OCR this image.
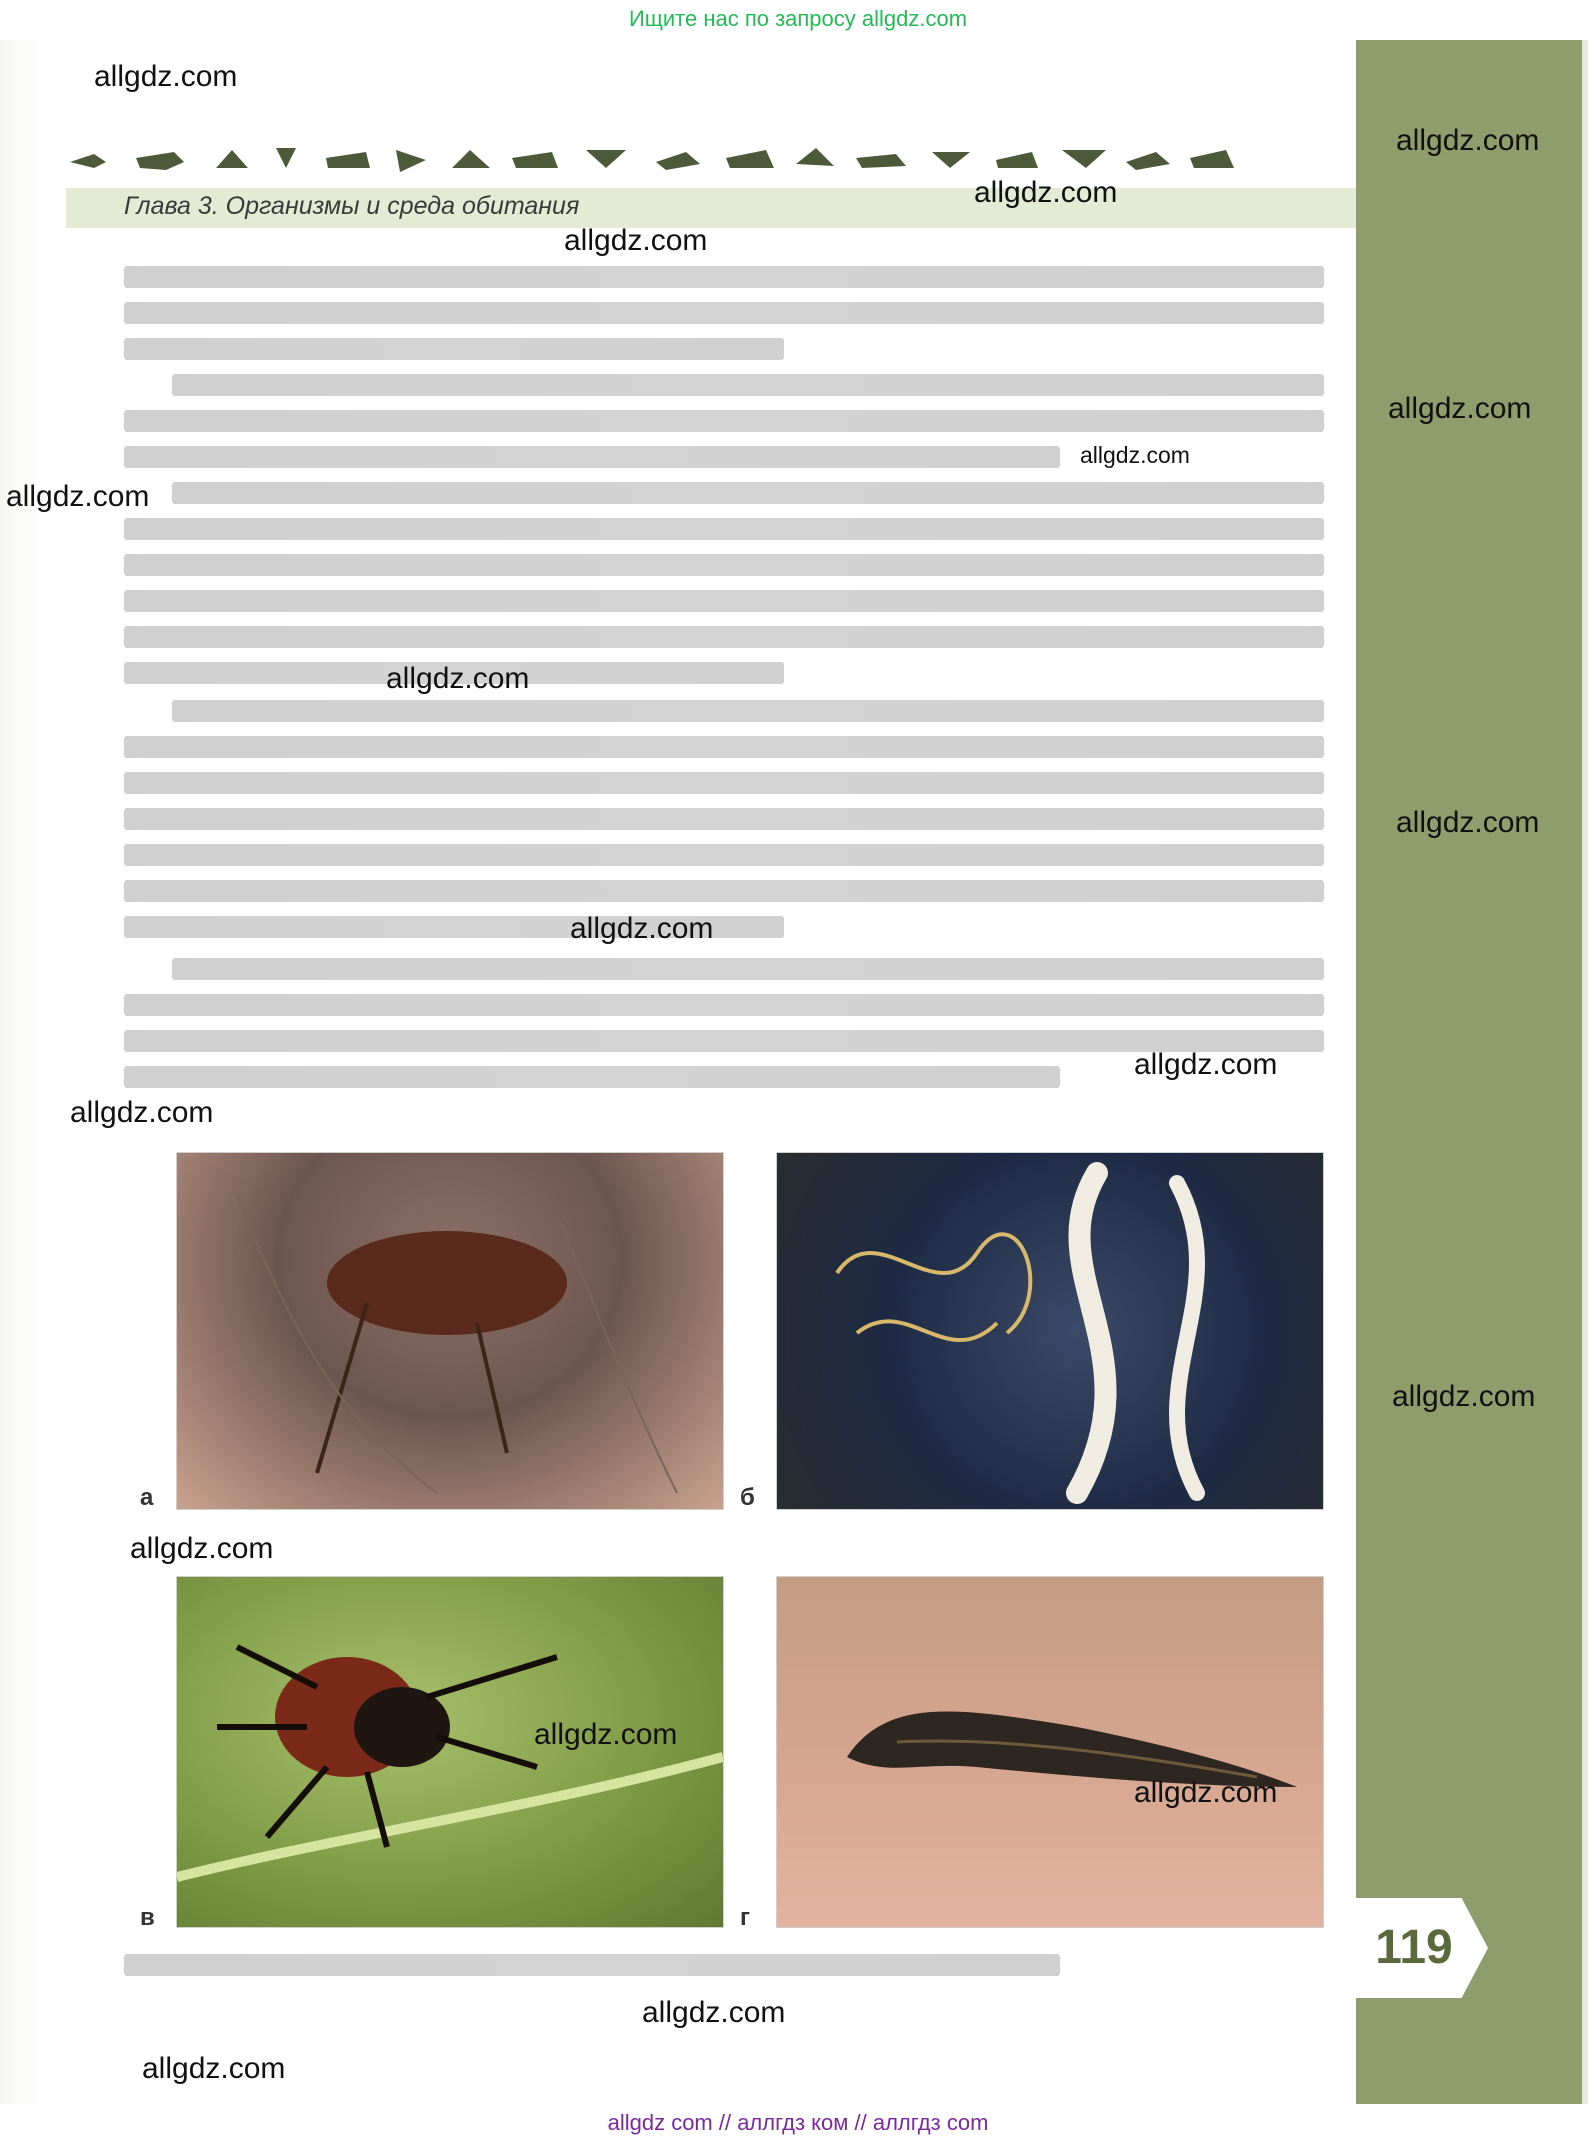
Ищите нас по запросу allgdz.com
Глава 3. Организмы и среда обитания
а	б
в	г
119
allgdz com // аллгдз ком // аллгдз com
allgdz.com
allgdz.com
allgdz.com
allgdz.com
allgdz.com
allgdz.com
allgdz.com
allgdz.com
allgdz.com
allgdz.com
allgdz.com
allgdz.com
allgdz.com
allgdz.com
allgdz.com
allgdz.com
allgdz.com
allgdz.com
